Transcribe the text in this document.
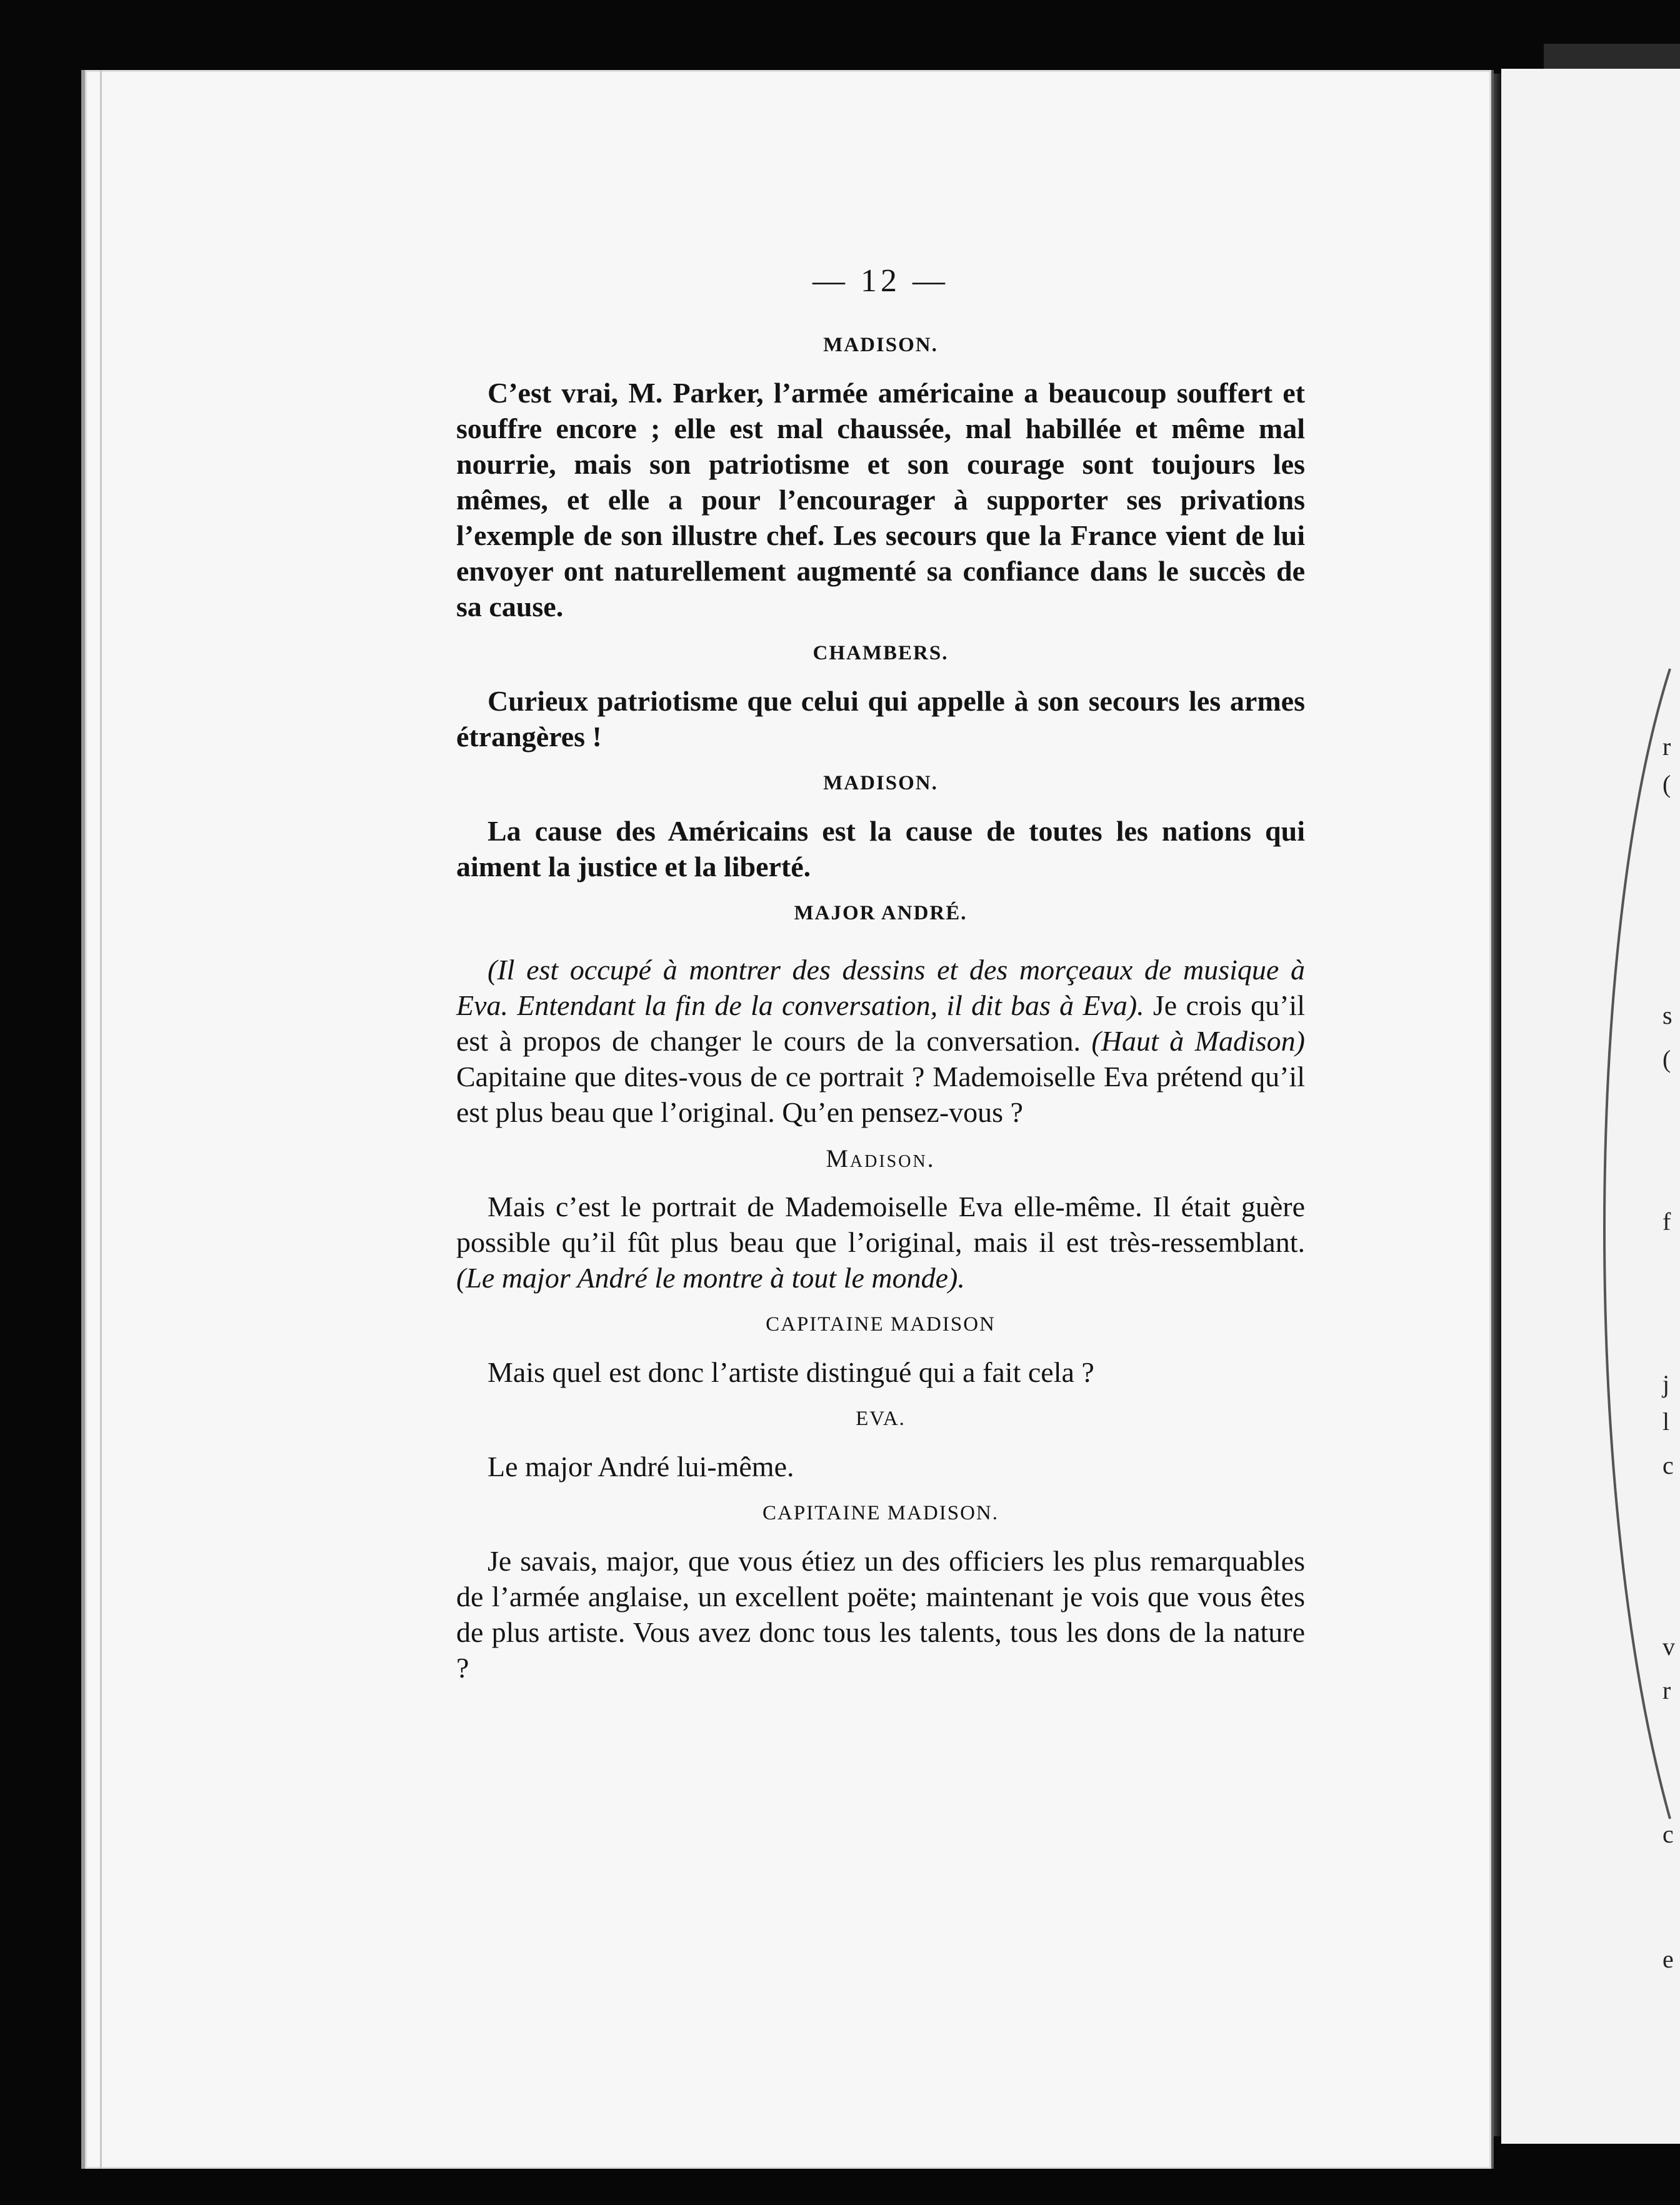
r
(
s
(
f
j
l
c
v
r
c
e
— 12 —
MADISON.

C’est vrai, M. Parker, l’armée américaine a beaucoup souffert et souffre encore ; elle est mal chaussée, mal habillée et même mal nourrie, mais son patriotisme et son courage sont toujours les mêmes, et elle a pour l’encourager à supporter ses privations l’exemple de son illustre chef. Les secours que la France vient de lui envoyer ont naturellement augmenté sa confiance dans le succès de sa cause.

CHAMBERS.

Curieux patriotisme que celui qui appelle à son secours les armes étrangères !

MADISON.

La cause des Américains est la cause de toutes les nations qui aiment la justice et la liberté.

MAJOR ANDRÉ.

(Il est occupé à montrer des dessins et des morçeaux de musique à Eva. Entendant la fin de la conversation, il dit bas à Eva). Je crois qu’il est à propos de changer le cours de la conversation. (Haut à Madison) Capitaine que dites-vous de ce portrait ? Mademoiselle Eva prétend qu’il est plus beau que l’original. Qu’en pensez-vous ?

Madison.

Mais c’est le portrait de Mademoiselle Eva elle-même. Il était guère possible qu’il fût plus beau que l’original, mais il est très-ressemblant. (Le major André le montre à tout le monde).

CAPITAINE MADISON

Mais quel est donc l’artiste distingué qui a fait cela ?

EVA.

Le major André lui-même.

CAPITAINE MADISON.

Je savais, major, que vous étiez un des officiers les plus remarquables de l’armée anglaise, un excellent poëte; maintenant je vois que vous êtes de plus artiste. Vous avez donc tous les talents, tous les dons de la nature ?
